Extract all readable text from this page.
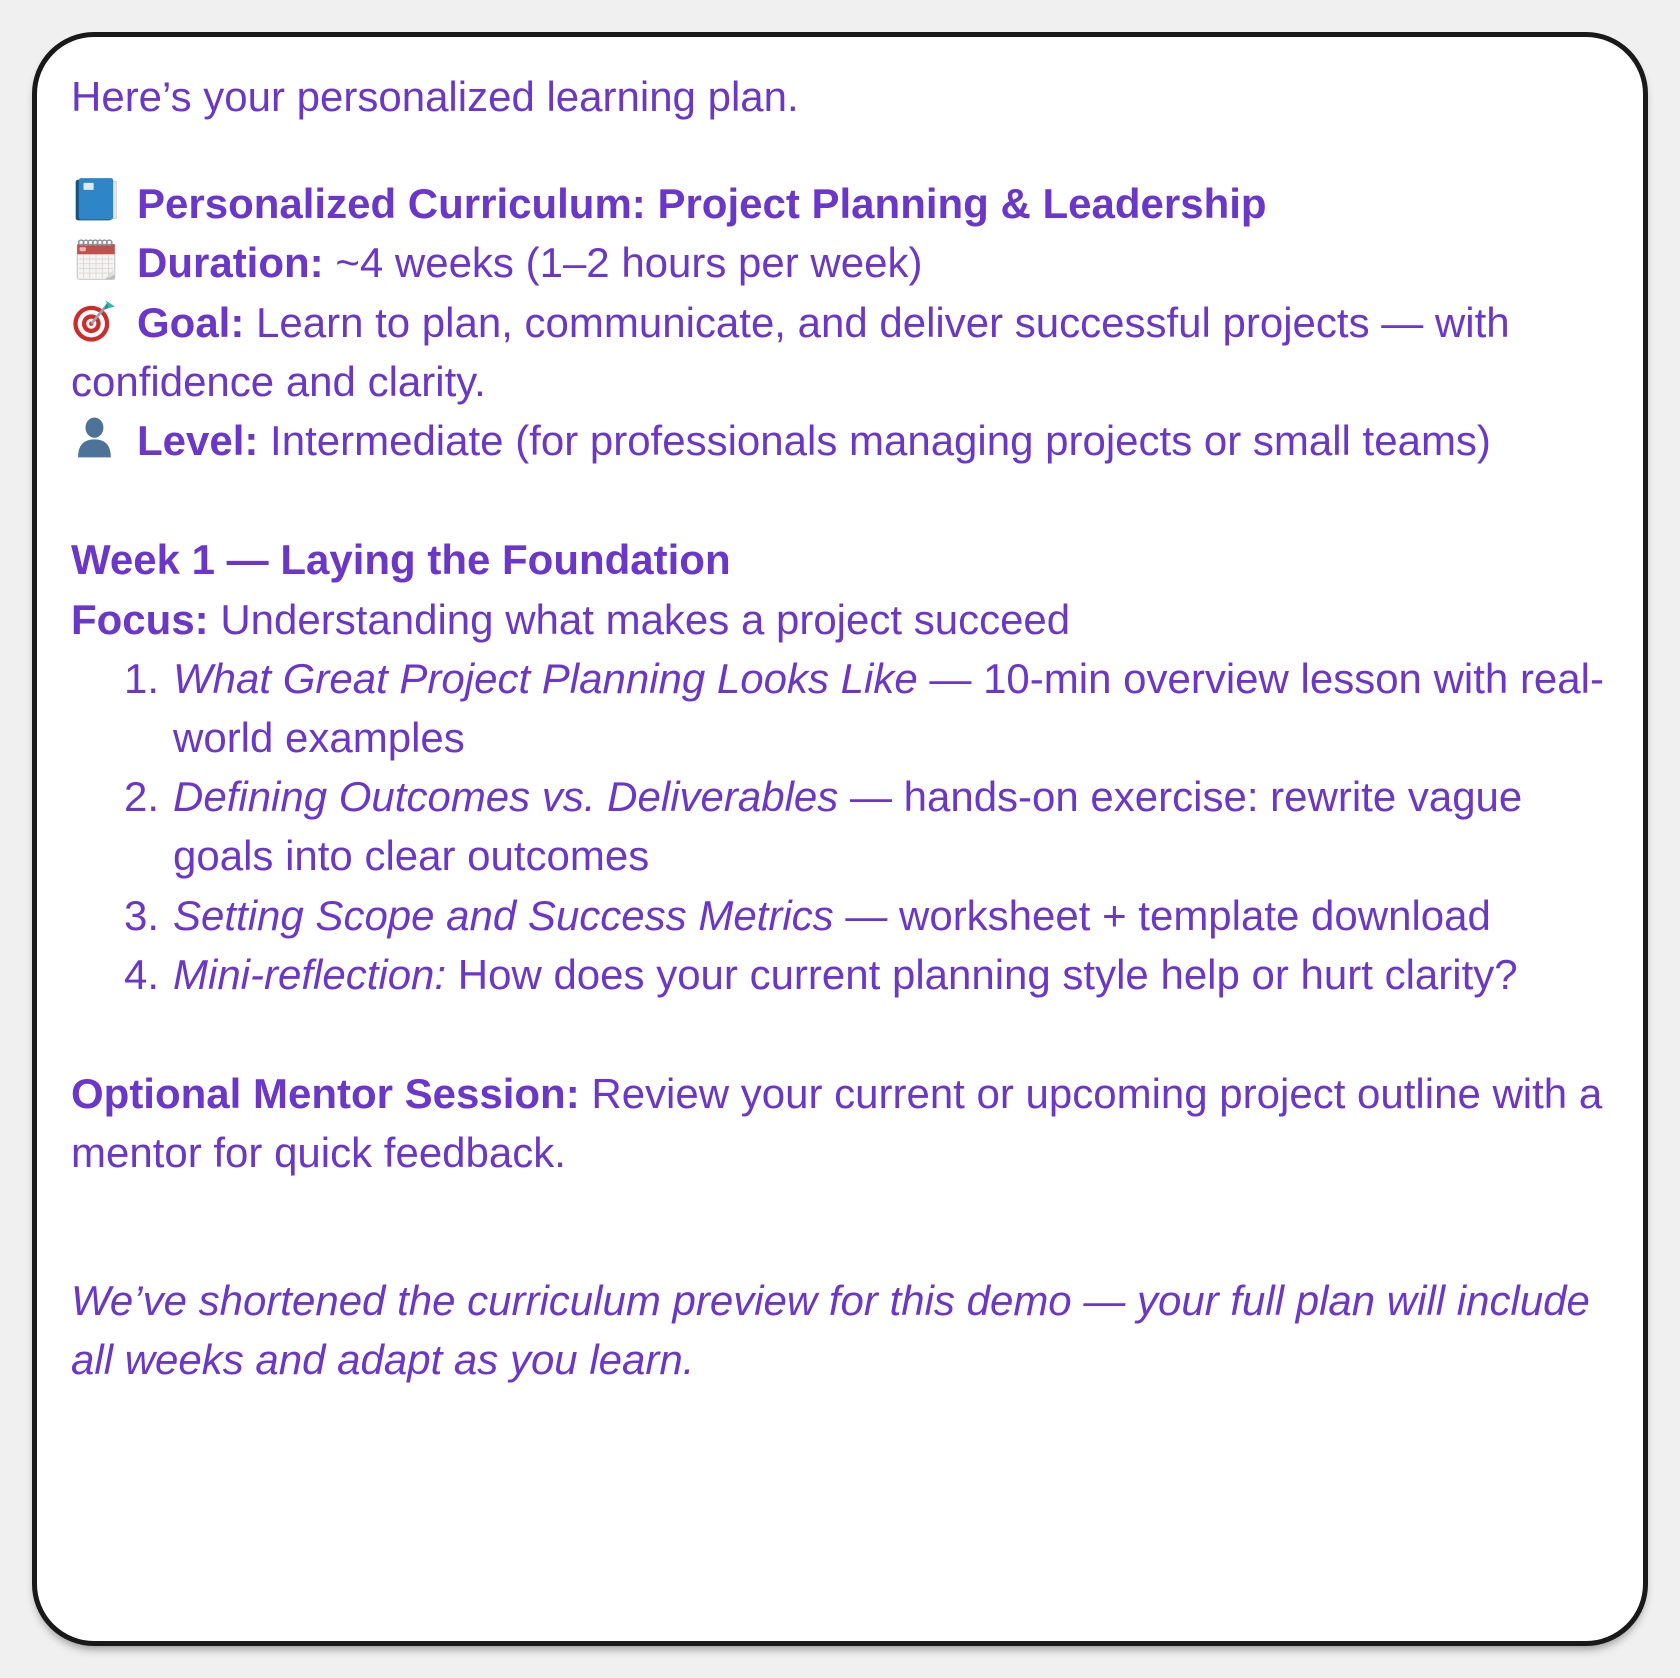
Here’s your personalized learning plan.

Personalized Curriculum: Project Planning & Leadership

Duration: ~4 weeks (1–2 hours per week)

Goal: Learn to plan, communicate, and deliver successful projects — with confidence and clarity.

Level: Intermediate (for professionals managing projects or small teams)

Week 1 — Laying the Foundation

Focus: Understanding what makes a project succeed

1. What Great Project Planning Looks Like — 10-min overview lesson with real-world examples
2. Defining Outcomes vs. Deliverables — hands-on exercise: rewrite vague goals into clear outcomes
3. Setting Scope and Success Metrics — worksheet + template download
4. Mini-reflection: How does your current planning style help or hurt clarity?

Optional Mentor Session: Review your current or upcoming project outline with a mentor for quick feedback.

We’ve shortened the curriculum preview for this demo — your full plan will include all weeks and adapt as you learn.
